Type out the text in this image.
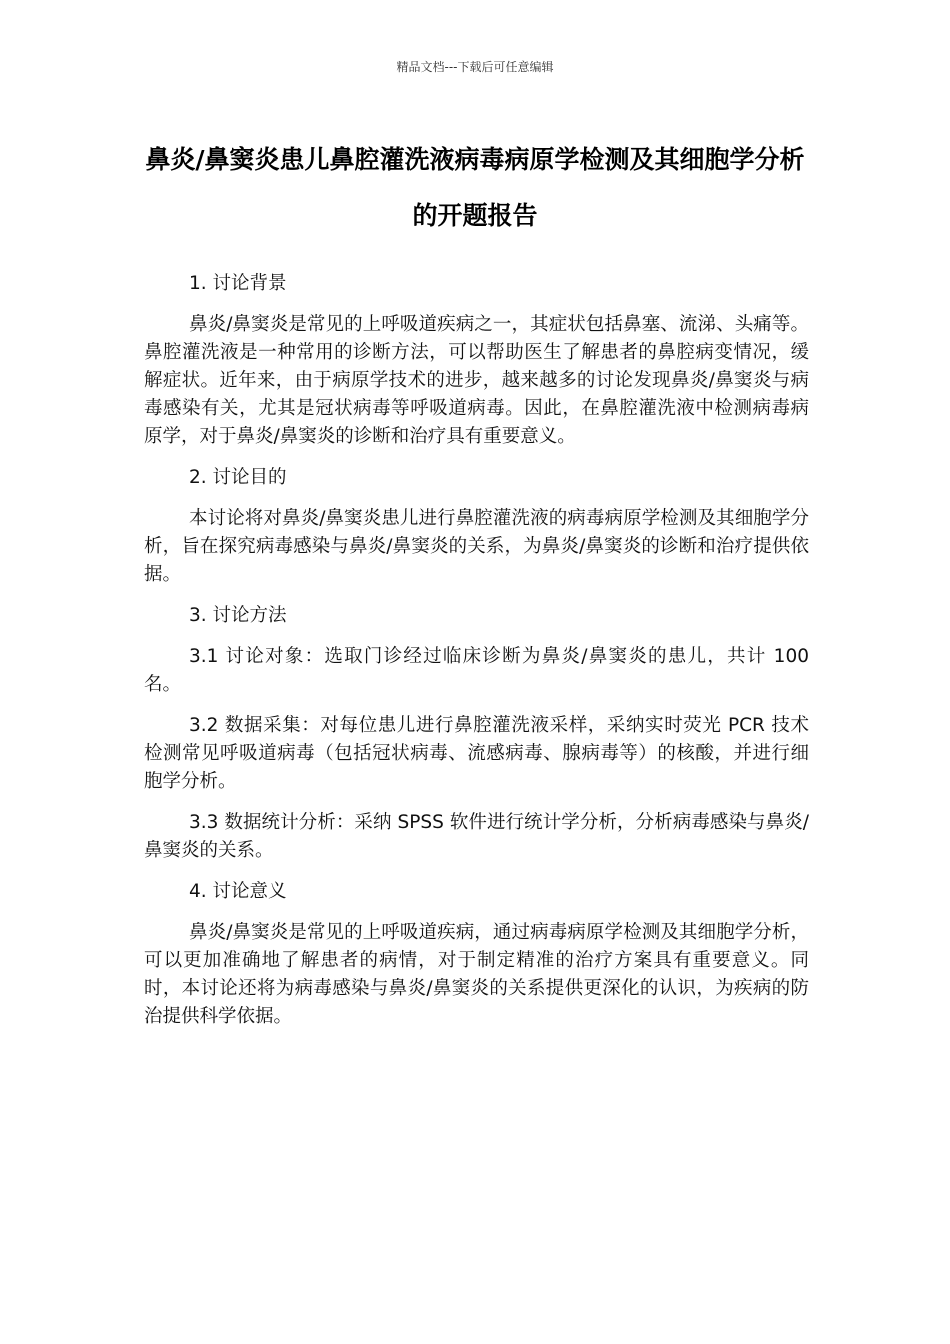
精品文档---下载后可任意编辑
鼻炎/鼻窦炎患儿鼻腔灌洗液病毒病原学检测及其细胞学分析的开题报告

1. 讨论背景

鼻炎/鼻窦炎是常见的上呼吸道疾病之一，其症状包括鼻塞、流涕、头痛等。鼻腔灌洗液是一种常用的诊断方法，可以帮助医生了解患者的鼻腔病变情况，缓解症状。近年来，由于病原学技术的进步，越来越多的讨论发现鼻炎/鼻窦炎与病毒感染有关，尤其是冠状病毒等呼吸道病毒。因此，在鼻腔灌洗液中检测病毒病原学，对于鼻炎/鼻窦炎的诊断和治疗具有重要意义。

2. 讨论目的

本讨论将对鼻炎/鼻窦炎患儿进行鼻腔灌洗液的病毒病原学检测及其细胞学分析，旨在探究病毒感染与鼻炎/鼻窦炎的关系，为鼻炎/鼻窦炎的诊断和治疗提供依据。

3. 讨论方法

3.1 讨论对象：选取门诊经过临床诊断为鼻炎/鼻窦炎的患儿，共计 100 名。

3.2 数据采集：对每位患儿进行鼻腔灌洗液采样，采纳实时荧光 PCR 技术检测常见呼吸道病毒（包括冠状病毒、流感病毒、腺病毒等）的核酸，并进行细胞学分析。

3.3 数据统计分析：采纳 SPSS 软件进行统计学分析，分析病毒感染与鼻炎/鼻窦炎的关系。

4. 讨论意义

鼻炎/鼻窦炎是常见的上呼吸道疾病，通过病毒病原学检测及其细胞学分析，可以更加准确地了解患者的病情，对于制定精准的治疗方案具有重要意义。同时，本讨论还将为病毒感染与鼻炎/鼻窦炎的关系提供更深化的认识，为疾病的防治提供科学依据。
